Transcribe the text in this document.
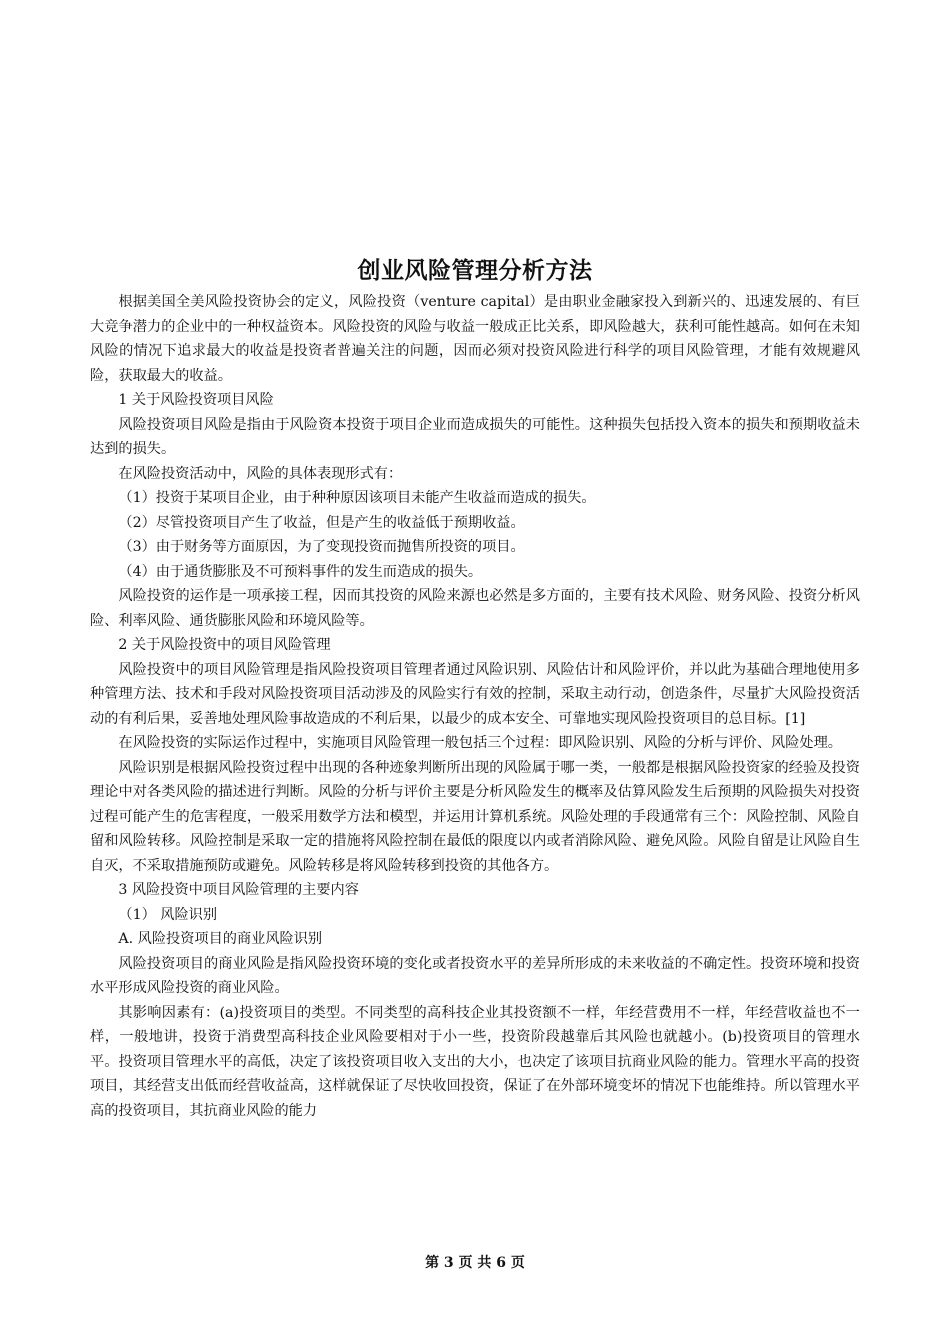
创业风险管理分析方法

根据美国全美风险投资协会的定义，风险投资（venture capital）是由职业金融家投入到新兴的、迅速发展的、有巨大竞争潜力的企业中的一种权益资本。风险投资的风险与收益一般成正比关系，即风险越大，获利可能性越高。如何在未知风险的情况下追求最大的收益是投资者普遍关注的问题，因而必须对投资风险进行科学的项目风险管理，才能有效规避风险，获取最大的收益。

1 关于风险投资项目风险

风险投资项目风险是指由于风险资本投资于项目企业而造成损失的可能性。这种损失包括投入资本的损失和预期收益未达到的损失。

在风险投资活动中，风险的具体表现形式有：

（1）投资于某项目企业，由于种种原因该项目未能产生收益而造成的损失。

（2）尽管投资项目产生了收益，但是产生的收益低于预期收益。

（3）由于财务等方面原因，为了变现投资而抛售所投资的项目。

（4）由于通货膨胀及不可预料事件的发生而造成的损失。

风险投资的运作是一项承接工程，因而其投资的风险来源也必然是多方面的，主要有技术风险、财务风险、投资分析风险、利率风险、通货膨胀风险和环境风险等。

2 关于风险投资中的项目风险管理

风险投资中的项目风险管理是指风险投资项目管理者通过风险识别、风险估计和风险评价，并以此为基础合理地使用多种管理方法、技术和手段对风险投资项目活动涉及的风险实行有效的控制，采取主动行动，创造条件，尽量扩大风险投资活动的有利后果，妥善地处理风险事故造成的不利后果，以最少的成本安全、可靠地实现风险投资项目的总目标。[1]

在风险投资的实际运作过程中，实施项目风险管理一般包括三个过程：即风险识别、风险的分析与评价、风险处理。

风险识别是根据风险投资过程中出现的各种迹象判断所出现的风险属于哪一类，一般都是根据风险投资家的经验及投资理论中对各类风险的描述进行判断。风险的分析与评价主要是分析风险发生的概率及估算风险发生后预期的风险损失对投资过程可能产生的危害程度，一般采用数学方法和模型，并运用计算机系统。风险处理的手段通常有三个：风险控制、风险自留和风险转移。风险控制是采取一定的措施将风险控制在最低的限度以内或者消除风险、避免风险。风险自留是让风险自生自灭，不采取措施预防或避免。风险转移是将风险转移到投资的其他各方。

3 风险投资中项目风险管理的主要内容

（1） 风险识别

A. 风险投资项目的商业风险识别

风险投资项目的商业风险是指风险投资环境的变化或者投资水平的差异所形成的未来收益的不确定性。投资环境和投资水平形成风险投资的商业风险。

其影响因素有：(a)投资项目的类型。不同类型的高科技企业其投资额不一样，年经营费用不一样，年经营收益也不一样，一般地讲，投资于消费型高科技企业风险要相对于小一些，投资阶段越靠后其风险也就越小。(b)投资项目的管理水平。投资项目管理水平的高低，决定了该投资项目收入支出的大小，也决定了该项目抗商业风险的能力。管理水平高的投资项目，其经营支出低而经营收益高，这样就保证了尽快收回投资，保证了在外部环境变坏的情况下也能维持。所以管理水平高的投资项目，其抗商业风险的能力

第 3 页 共 6 页
